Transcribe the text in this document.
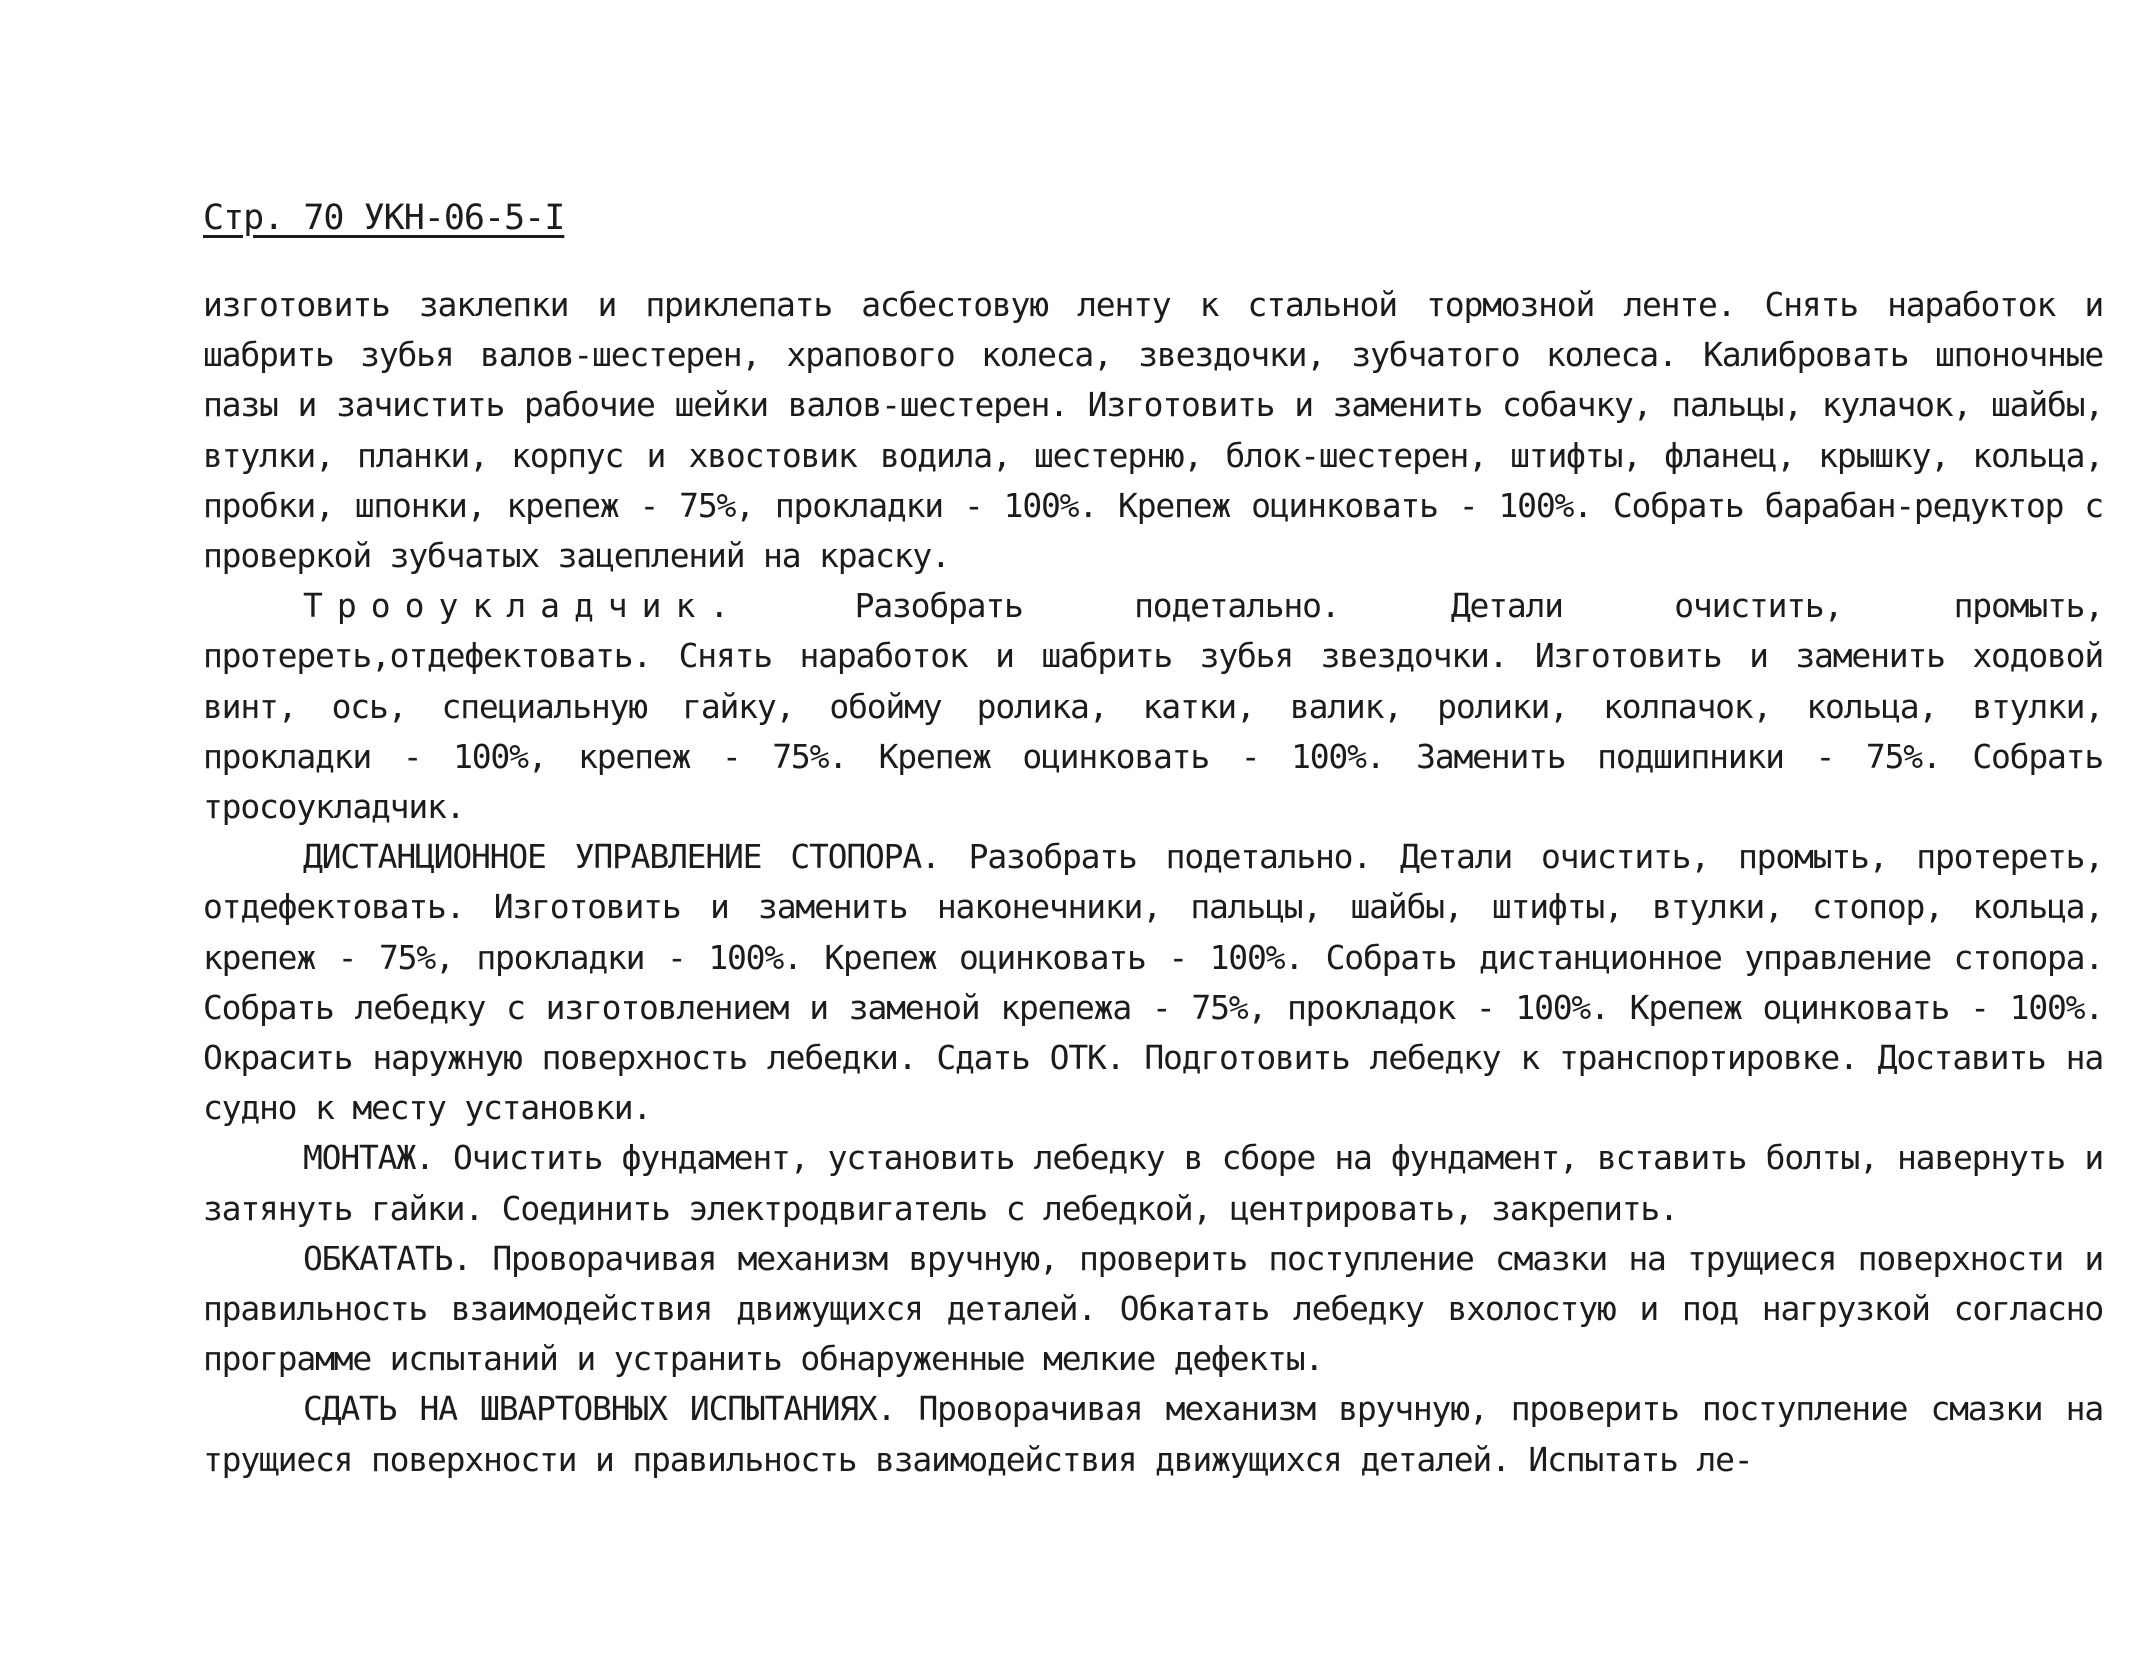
Стр. 70 УКН-06-5-I

изготовить заклепки и приклепать асбестовую ленту к стальной тормозной ленте. Снять наработок и шабрить зубья валов-шестерен, храпового колеса, звездочки, зубчатого колеса. Калибровать шпоночные пазы и зачистить рабочие шейки валов-шестерен. Изготовить и заменить собачку, пальцы, кулачок, шайбы, втулки, планки, корпус и хвостовик водила, шестерню, блок-шестерен, штифты, фланец, крышку, кольца, пробки, шпонки, крепеж - 75%, прокладки - 100%. Крепеж оцинковать - 100%. Собрать барабан-редуктор с проверкой зубчатых зацеплений на краску.

Трооукладчик. Разобрать подетально. Детали очистить, промыть, протереть,отдефектовать. Снять наработок и шабрить зубья звездочки. Изготовить и заменить ходовой винт, ось, специальную гайку, обойму ролика, катки, валик, ролики, колпачок, кольца, втулки, прокладки - 100%, крепеж - 75%. Крепеж оцинковать - 100%. Заменить подшипники - 75%. Собрать тросоукладчик.

ДИСТАНЦИОННОЕ УПРАВЛЕНИЕ СТОПОРА. Разобрать подетально. Детали очистить, промыть, протереть, отдефектовать. Изготовить и заменить наконечники, пальцы, шайбы, штифты, втулки, стопор, кольца, крепеж - 75%, прокладки - 100%. Крепеж оцинковать - 100%. Собрать дистанционное управление стопора. Собрать лебедку с изготовлением и заменой крепежа - 75%, прокладок - 100%. Крепеж оцинковать - 100%. Окрасить наружную поверхность лебедки. Сдать ОТК. Подготовить лебедку к транспортировке. Доставить на судно к месту установки.

МОНТАЖ. Очистить фундамент, установить лебедку в сборе на фундамент, вставить болты, навернуть и затянуть гайки. Соединить электродвигатель с лебедкой, центрировать, закрепить.

ОБКАТАТЬ. Проворачивая механизм вручную, проверить поступление смазки на трущиеся поверхности и правильность взаимодействия движущихся деталей. Обкатать лебедку вхолостую и под нагрузкой согласно программе испытаний и устранить обнаруженные мелкие дефекты.

СДАТЬ НА ШВАРТОВНЫХ ИСПЫТАНИЯХ. Проворачивая механизм вручную, проверить поступление смазки на трущиеся поверхности и правильность взаимодействия движущихся деталей. Испытать ле-
